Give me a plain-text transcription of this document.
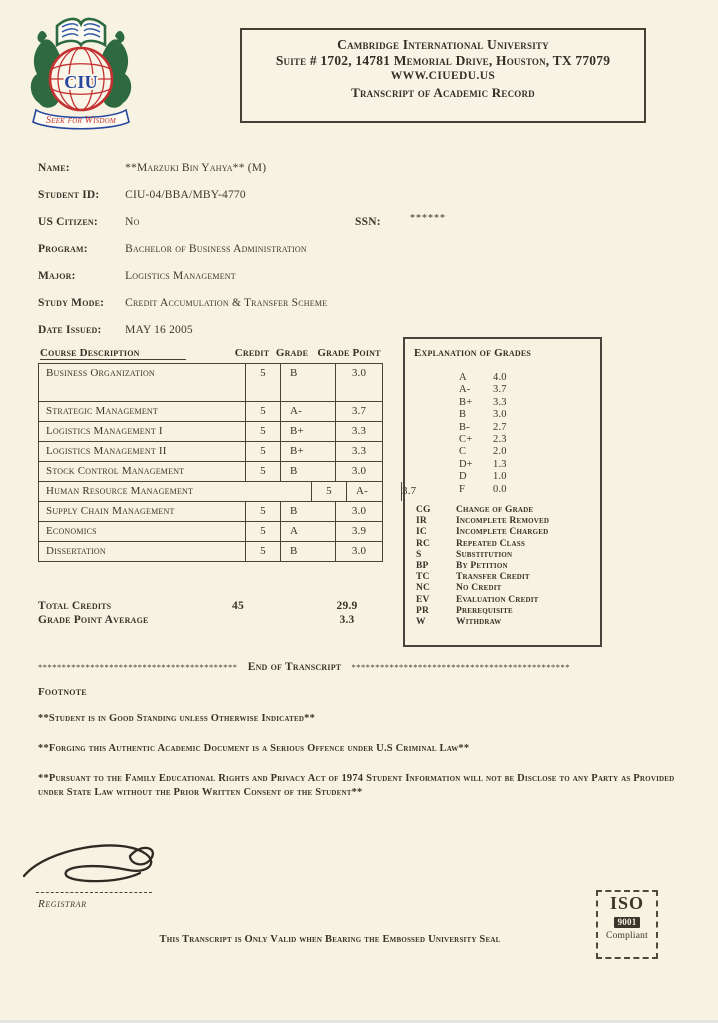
ciu
Seek for Wisdom
Cambridge International University
Suite # 1702, 14781 Memorial Drive, Houston, TX 77079
WWW.CIUEDU.US
Transcript of Academic Record
Name:	**Marzuki Bin Yahya** (M)
Student ID: CIU-04/BBA/MBY-4770
US Citizen: No	SSN:	******
Program:	Bachelor of Business Administration
Major:	Logistics Management
Study Mode: Credit Accumulation & Transfer Scheme
Date Issued: MAY 16 2005
Course Description	Credit Grade Grade Point
Business Organization	5	B	3.0
Strategic Management	5	A-	3.7
Logistics Management I	5	B+	3.3
Logistics Management II	5	B+	3.3
Stock Control Management	5	B	3.0
Human Resource Management	5	A-	3.7
Supply Chain Management	5	B	3.0
Economics	5	A	3.9
Dissertation	5	B	3.0
Total Credits	45	29.9
Grade Point Average	3.3
Explanation of Grades
A	4.0
A-	3.7
B+	3.3
B	3.0
B-	2.7
C+	2.3
C	2.0
D+	1.3
D	1.0
F	0.0
CG	Change of Grade
IR	Incomplete Removed
IC	Incomplete Charged
RC	Repeated Class
S	Substitution
BP	By Petition
TC	Transfer Credit
NC	No Credit
EV	Evaluation Credit
PR	Prerequisite
W	Withdraw
****************************************** End of Transcript **********************************************
Footnote
**Student is in Good Standing unless Otherwise Indicated**
**Forging this Authentic Academic Document is a Serious Offence under U.S Criminal Law**
**Pursuant to the Family Educational Rights and Privacy Act of 1974 Student Information will not be Disclose to any Party as Provided under State Law without the Prior Written Consent of the Student**
Registrar	ISO
9001
Compliant
This Transcript is Only Valid when Bearing the Embossed University Seal
